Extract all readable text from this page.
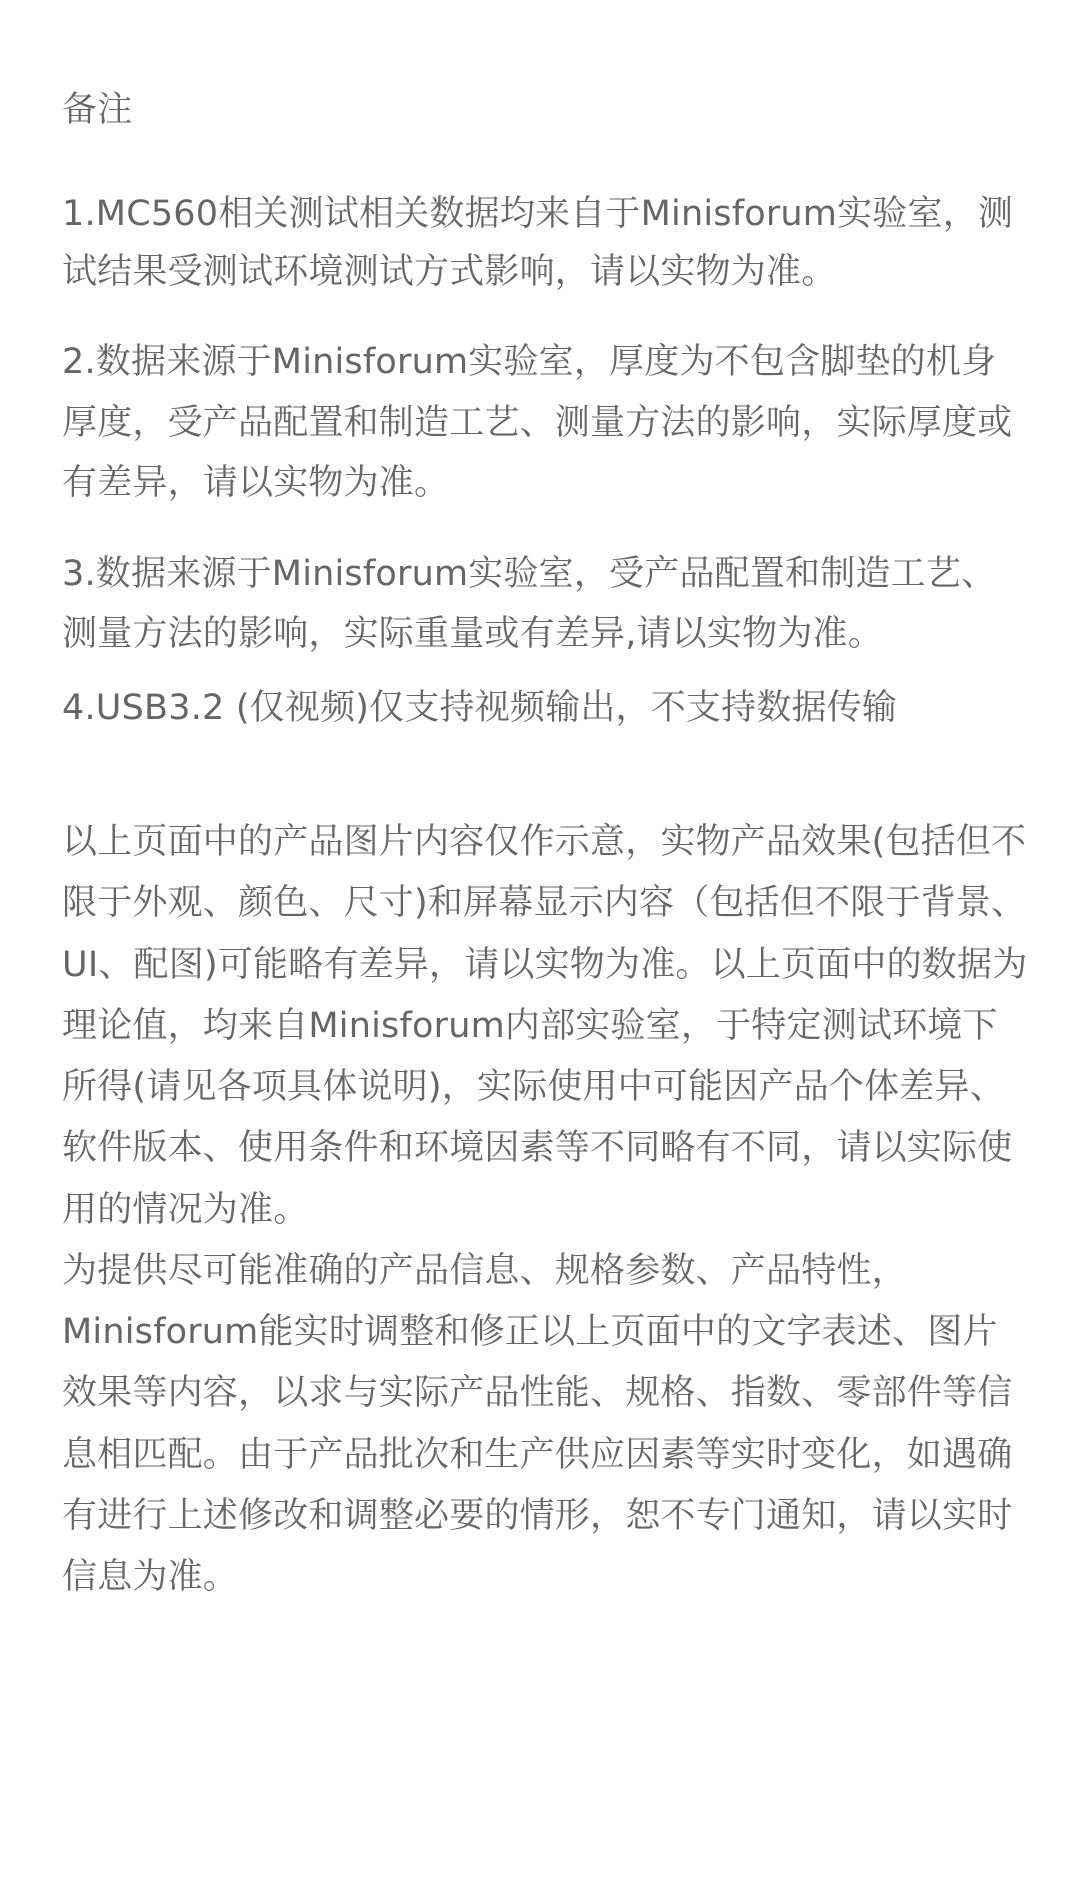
备注
1.MC560相关测试相关数据均来自于Minisforum实验室，测
试结果受测试环境测试方式影响，请以实物为准。
2.数据来源于Minisforum实验室，厚度为不包含脚垫的机身
厚度，受产品配置和制造工艺、测量方法的影响，实际厚度或
有差异，请以实物为准。
3.数据来源于Minisforum实验室，受产品配置和制造工艺、
测量方法的影响，实际重量或有差异,请以实物为准。
4.USB3.2 (仅视频)仅支持视频输出，不支持数据传输
以上页面中的产品图片内容仅作示意，实物产品效果(包括但不
限于外观、颜色、尺寸)和屏幕显示内容（包括但不限于背景、
UI、配图)可能略有差异，请以实物为准。以上页面中的数据为
理论值，均来自Minisforum内部实验室，于特定测试环境下
所得(请见各项具体说明)，实际使用中可能因产品个体差异、
软件版本、使用条件和环境因素等不同略有不同，请以实际使
用的情况为准。
为提供尽可能准确的产品信息、规格参数、产品特性，
Minisforum能实时调整和修正以上页面中的文字表述、图片
效果等内容，以求与实际产品性能、规格、指数、零部件等信
息相匹配。由于产品批次和生产供应因素等实时变化，如遇确
有进行上述修改和调整必要的情形，恕不专门通知，请以实时
信息为准。
